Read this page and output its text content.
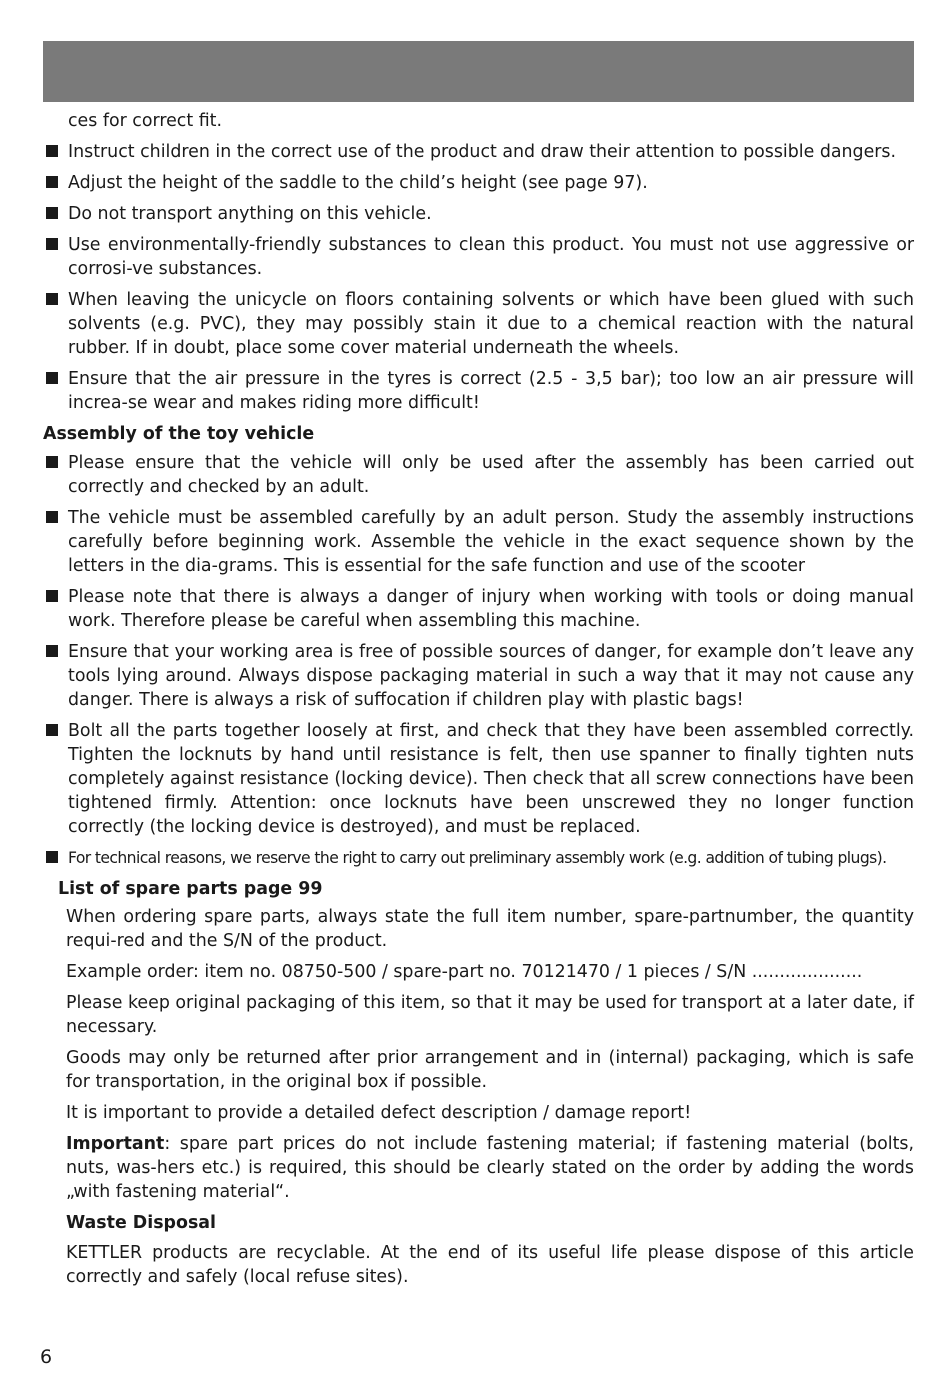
ces for correct fit.
Instruct children in the correct use of the product and draw their attention to possible dangers.
Adjust the height of the saddle to the child’s height (see page 97).
Do not transport anything on this vehicle.
Use environmentally-friendly substances to clean this product. You must not use aggressive or corrosi-ve substances.
When leaving the unicycle on floors containing solvents or which have been glued with such solvents (e.g. PVC), they may possibly stain it due to a chemical reaction with the natural rubber. If in doubt, place some cover material underneath the wheels.
Ensure that the air pressure in the tyres is correct (2.5 - 3,5 bar); too low an air pressure will increa-se wear and makes riding more difficult!
Assembly of the toy vehicle
Please ensure that the vehicle will only be used after the assembly has been carried out correctly and checked by an adult.
The vehicle must be assembled carefully by an adult person. Study the assembly instructions carefully before beginning work. Assemble the vehicle in the exact sequence shown by the letters in the dia-grams. This is essential for the safe function and use of the scooter
Please note that there is always a danger of injury when working with tools or doing manual work. Therefore please be careful when assembling this machine.
Ensure that your working area is free of possible sources of danger, for example don’t leave any tools lying around. Always dispose packaging material in such a way that it may not cause any danger. There is always a risk of suffocation if children play with plastic bags!
Bolt all the parts together loosely at first, and check that they have been assembled correctly. Tighten the locknuts by hand until resistance is felt, then use spanner to finally tighten nuts completely against resistance (locking device). Then check that all screw connections have been tightened firmly. Attention: once locknuts have been unscrewed they no longer function correctly (the locking device is destroyed), and must be replaced.
For technical reasons, we reserve the right to carry out preliminary assembly work (e.g. addition of tubing plugs).
List of spare parts page 99
When ordering spare parts, always state the full item number, spare-partnumber, the quantity requi-red and the S/N of the product.
Example order: item no. 08750-500 / spare-part no. 70121470 / 1 pieces / S/N ....................
Please keep original packaging of this item, so that it may be used for transport at a later date, if necessary.
Goods may only be returned after prior arrangement and in (internal) packaging, which is safe for transportation, in the original box if possible.
It is important to provide a detailed defect description / damage report!
Important: spare part prices do not include fastening material; if fastening material (bolts, nuts, was-hers etc.) is required, this should be clearly stated on the order by adding the words „with fastening material“.
Waste Disposal
KETTLER products are recyclable. At the end of its useful life please dispose of this article correctly and safely (local refuse sites).
6
